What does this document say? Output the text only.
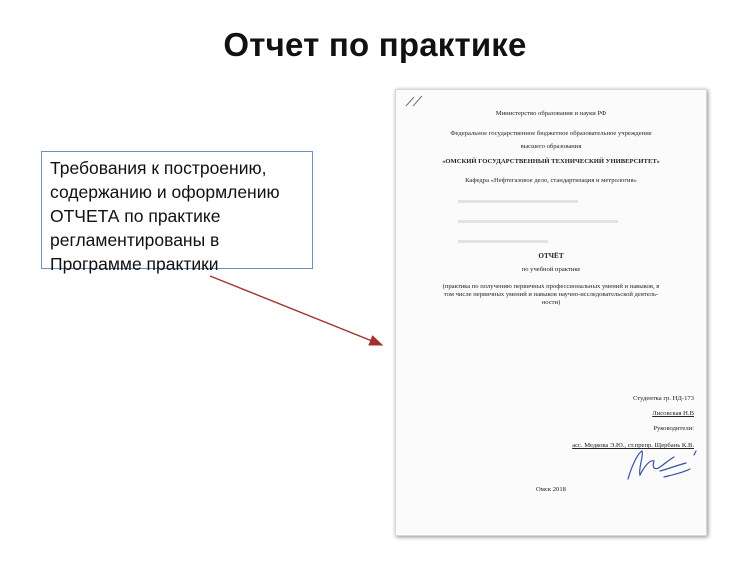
Отчет по практике
Требования к построению,
содержанию и оформлению
ОТЧЕТА по практике
регламентированы в
Программе практики
Министерство образования и науки РФ
Федеральное государственное бюджетное образовательное учреждение
высшего образования
«ОМСКИЙ ГОСУДАРСТВЕННЫЙ ТЕХНИЧЕСКИЙ УНИВЕРСИТЕТ»
Кафедра «Нефтегазовое дело, стандартизация и метрология»
ОТЧЁТ
по учебной практике
(практика по получению первичных профессиональных умений и навыков, в
том числе первичных умений и навыков научно-исследовательской деятель-
ности)
Студентка гр. НД-173
Лисовская Н.В
Руководители:
асс. Медкова Э.Ю., ст.препр. Щербань К.В.
Омск 2018
